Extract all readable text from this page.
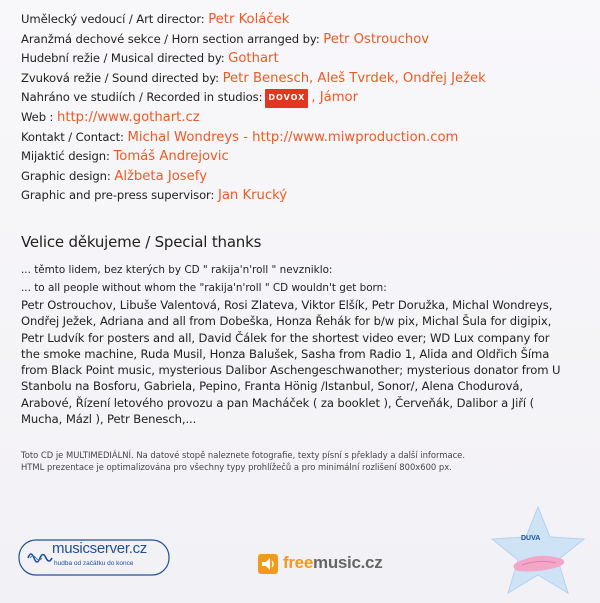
Umělecký vedoucí / Art director: Petr Koláček
Aranžmá dechové sekce / Horn section arranged by: Petr Ostrouchov
Hudební režie / Musical directed by: Gothart
Zvuková režie / Sound directed by: Petr Benesch, Aleš Tvrdek, Ondřej Ježek
Nahráno ve studiích / Recorded in studios: DOVOX , Jámor
Web : http://www.gothart.cz
Kontakt / Contact: Michal Wondreys - http://www.miwproduction.com
Mijaktić design: Tomáš Andrejovic
Graphic design: Alžbeta Josefy
Graphic and pre-press supervisor: Jan Krucký
Velice děkujeme / Special thanks
... těmto lidem, bez kterých by CD " rakija'n'roll " nevzniklo:
... to all people without whom the "rakija'n'roll " CD wouldn't get born:
Petr Ostrouchov, Libuše Valentová, Rosi Zlateva, Viktor Elšík, Petr Doružka, Michal Wondreys, Ondřej Ježek, Adriana and all from Dobeška, Honza Řehák for b/w pix, Michal Šula for digipix, Petr Ludvík for posters and all, David Čálek for the shortest video ever; WD Lux company for the smoke machine, Ruda Musil, Honza Balušek, Sasha from Radio 1, Alida and Oldřich Šíma from Black Point music, mysterious Dalibor Aschengeschwanother; mysterious donator from U Stanbolu na Bosforu, Gabriela, Pepino, Franta Hönig /Istanbul, Sonor/, Alena Chodurová, Arabové, Řízení letového provozu a pan Macháček ( za booklet ), Červeňák, Dalibor a Jiří ( Mucha, Mázl ), Petr Benesch,...
Toto CD je MULTIMEDIÁLNÍ. Na datové stopě naleznete fotografie, texty písní s překlady a další informace.
HTML prezentace je optimalizována pro všechny typy prohlížečů a pro minimální rozlišení 800x600 px.
musicserver.cz
hudba od začátku do konce	freemusic.cz
DUVA
